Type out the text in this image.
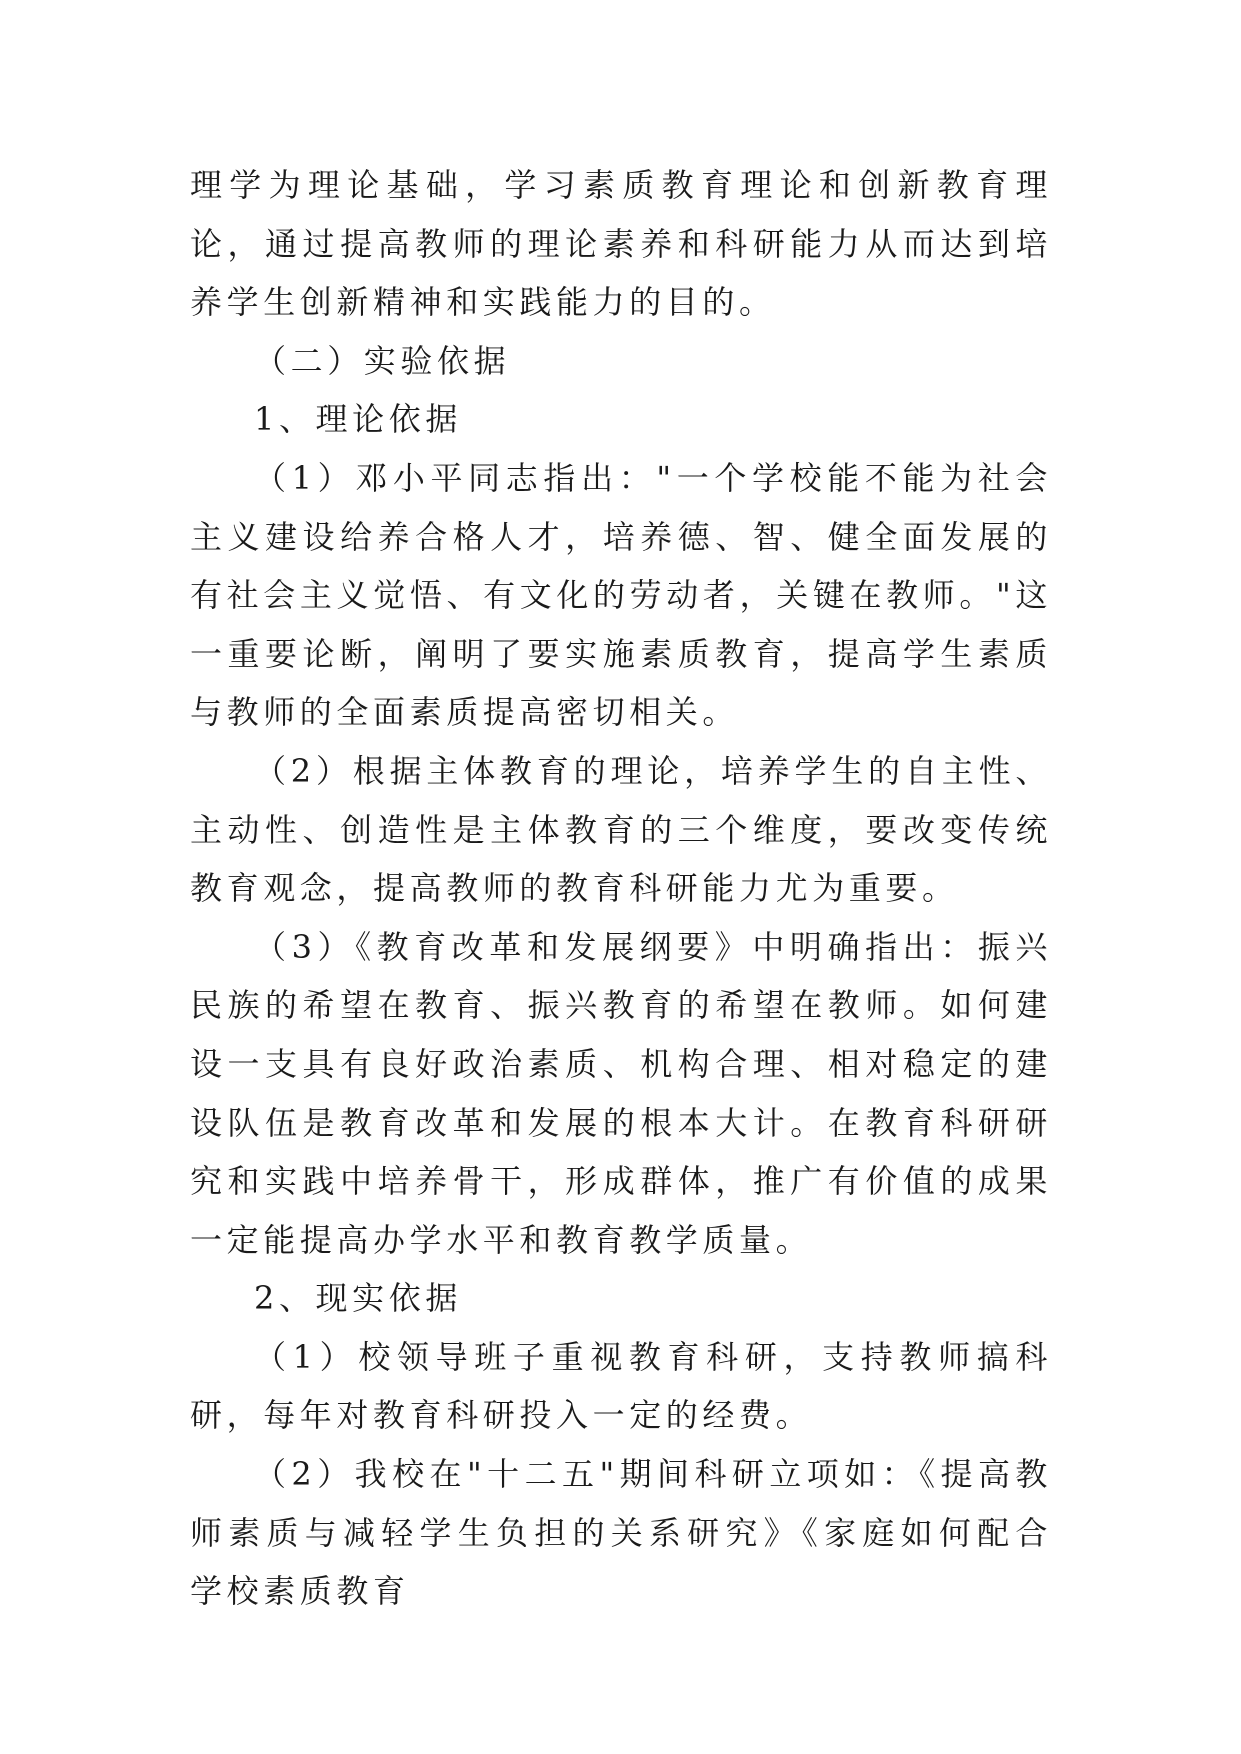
理学为理论基础，学习素质教育理论和创新教育理论，通过提高教师的理论素养和科研能力从而达到培养学生创新精神和实践能力的目的。

（二）实验依据

1、理论依据

（1）邓小平同志指出："一个学校能不能为社会主义建设给养合格人才，培养德、智、健全面发展的有社会主义觉悟、有文化的劳动者，关键在教师。"这一重要论断，阐明了要实施素质教育，提高学生素质与教师的全面素质提高密切相关。

（2）根据主体教育的理论，培养学生的自主性、主动性、创造性是主体教育的三个维度，要改变传统教育观念，提高教师的教育科研能力尤为重要。

（3）《教育改革和发展纲要》中明确指出：振兴民族的希望在教育、振兴教育的希望在教师。如何建设一支具有良好政治素质、机构合理、相对稳定的建设队伍是教育改革和发展的根本大计。在教育科研研究和实践中培养骨干，形成群体，推广有价值的成果一定能提高办学水平和教育教学质量。

2、现实依据

（1）校领导班子重视教育科研，支持教师搞科研，每年对教育科研投入一定的经费。

（2）我校在"十二五"期间科研立项如：《提高教师素质与减轻学生负担的关系研究》《家庭如何配合学校素质教育
